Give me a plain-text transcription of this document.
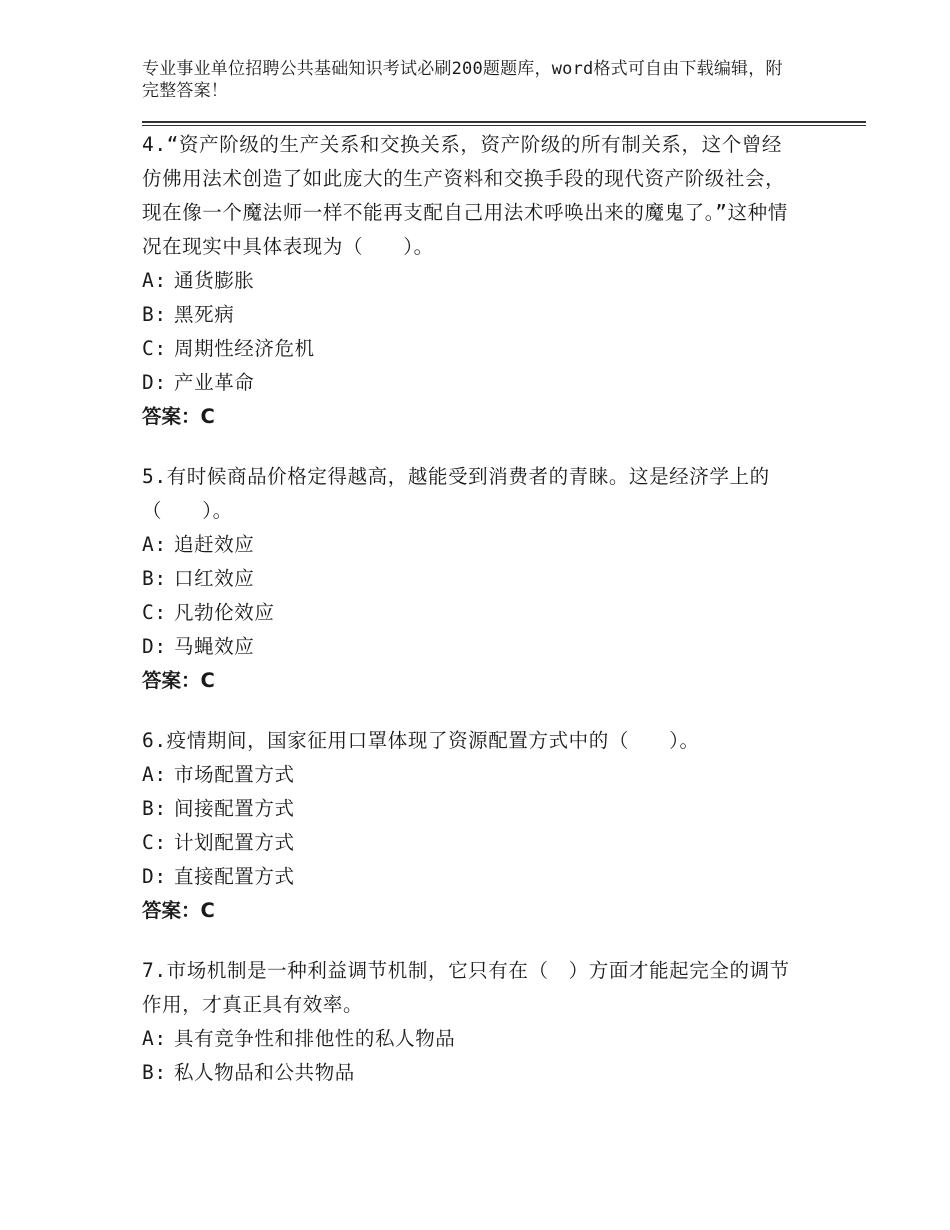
专业事业单位招聘公共基础知识考试必刷200题题库，word格式可自由下载编辑，附完整答案！

4.“资产阶级的生产关系和交换关系，资产阶级的所有制关系，这个曾经仿佛用法术创造了如此庞大的生产资料和交换手段的现代资产阶级社会，现在像一个魔法师一样不能再支配自己用法术呼唤出来的魔鬼了。”这种情况在现实中具体表现为（　　）。

A: 通货膨胀
B: 黑死病
C: 周期性经济危机
D: 产业革命
答案：C

5.有时候商品价格定得越高，越能受到消费者的青睐。这是经济学上的（　　）。

A: 追赶效应
B: 口红效应
C: 凡勃伦效应
D: 马蝇效应
答案：C

6.疫情期间，国家征用口罩体现了资源配置方式中的（　　）。

A: 市场配置方式
B: 间接配置方式
C: 计划配置方式
D: 直接配置方式
答案：C

7.市场机制是一种利益调节机制，它只有在（　）方面才能起完全的调节作用，才真正具有效率。

A: 具有竞争性和排他性的私人物品
B: 私人物品和公共物品
